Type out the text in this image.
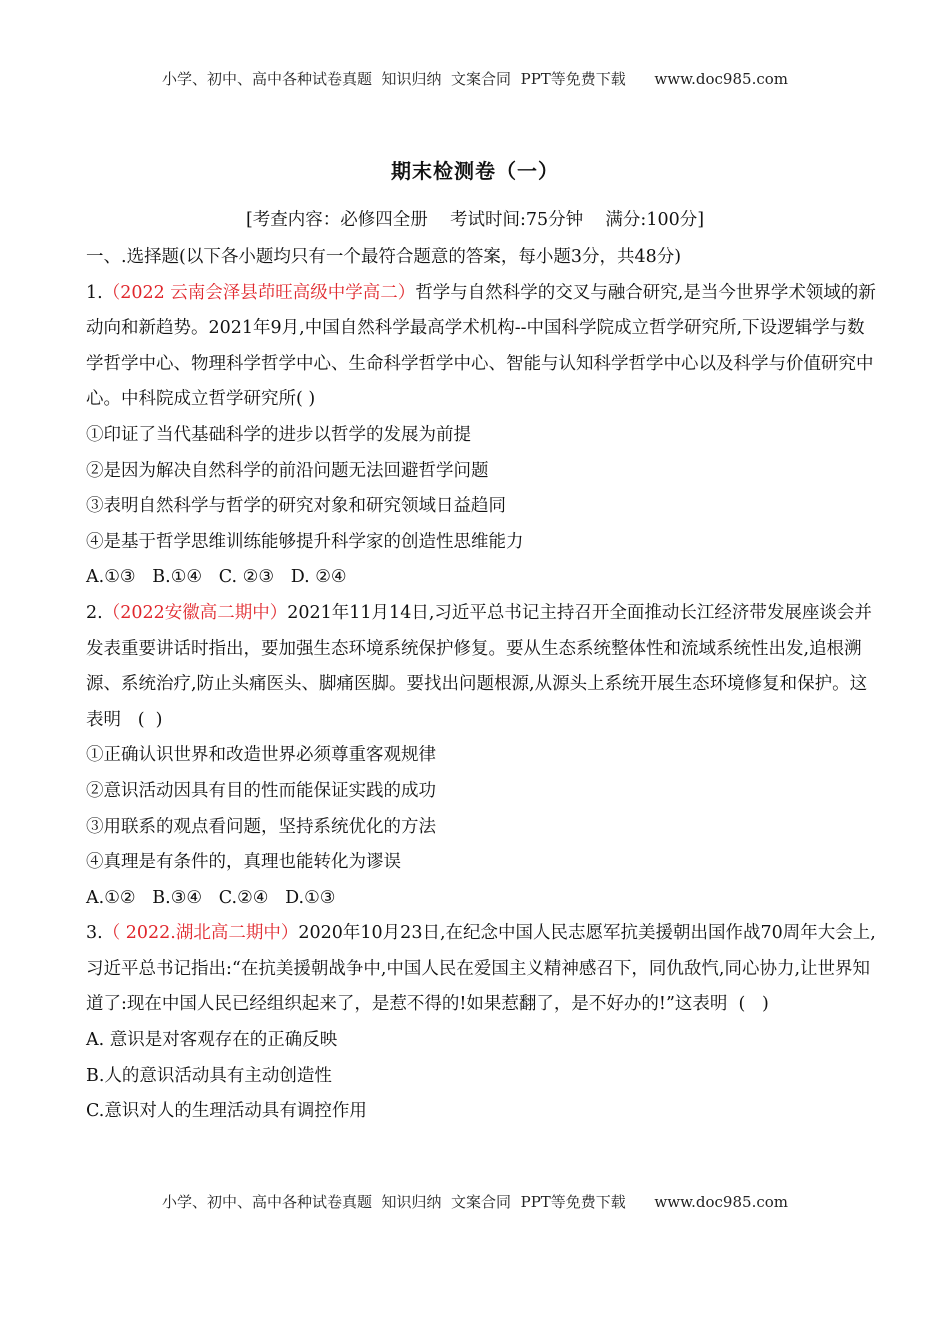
小学、初中、高中各种试卷真题  知识归纳  文案合同  PPT等免费下载      www.doc985.com
期末检测卷（一）
[考查内容：必修四全册    考试时间:75分钟    满分:100分]

一、.选择题(以下各小题均只有一个最符合题意的答案，每小题3分，共48分)

1.（2022 云南会泽县茚旺高级中学高二）哲学与自然科学的交叉与融合研究,是当今世界学术领域的新动向和新趋势。2021年9月,中国自然科学最高学术机构--中国科学院成立哲学研究所,下设逻辑学与数学哲学中心、物理科学哲学中心、生命科学哲学中心、智能与认知科学哲学中心以及科学与价值研究中心。中科院成立哲学研究所( )

①印证了当代基础科学的进步以哲学的发展为前提

②是因为解决自然科学的前沿问题无法回避哲学问题

③表明自然科学与哲学的研究对象和研究领域日益趋同

④是基于哲学思维训练能够提升科学家的创造性思维能力

A.①③   B.①④   C. ②③   D. ②④

2.（2022安徽高二期中）2021年11月14日,习近平总书记主持召开全面推动长江经济带发展座谈会并发表重要讲话时指出，要加强生态环境系统保护修复。要从生态系统整体性和流域系统性出发,追根溯源、系统治疗,防止头痛医头、脚痛医脚。要找出问题根源,从源头上系统开展生态环境修复和保护。这表明   (  )

①正确认识世界和改造世界必须尊重客观规律

②意识活动因具有目的性而能保证实践的成功

③用联系的观点看问题，坚持系统优化的方法

④真理是有条件的，真理也能转化为谬误

A.①②   B.③④   C.②④   D.①③

3.（ 2022.湖北高二期中）2020年10月23日,在纪念中国人民志愿军抗美援朝出国作战70周年大会上,习近平总书记指出:“在抗美援朝战争中,中国人民在爱国主义精神感召下，同仇敌忾,同心协力,让世界知道了:现在中国人民已经组织起来了，是惹不得的!如果惹翻了，是不好办的!”这表明  (   )

A. 意识是对客观存在的正确反映

B.人的意识活动具有主动创造性

C.意识对人的生理活动具有调控作用

小学、初中、高中各种试卷真题  知识归纳  文案合同  PPT等免费下载      www.doc985.com
